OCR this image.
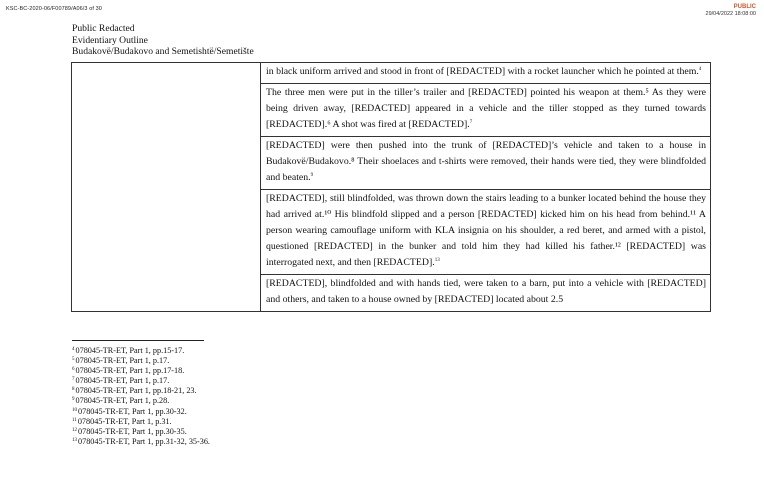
KSC-BC-2020-06/F00789/A06/3 of 30	PUBLIC
29/04/2022 18:08:00
Public Redacted
Evidentiary Outline
Budakovë/Budakovo and Semetishtë/Semetište

in black uniform arrived and stood in front of [REDACTED] with a rocket launcher which he pointed at them.$^4$
The three men were put in the tiller’s trailer and [REDACTED] pointed his weapon at them.⁵ As they were being driven away, [REDACTED] appeared in a vehicle and the tiller stopped as they turned towards [REDACTED].⁶ A shot was fired at [REDACTED].$^7$
[REDACTED] were then pushed into the trunk of [REDACTED]’s vehicle and taken to a house in Budakovë/Budakovo.⁸ Their shoelaces and t-shirts were removed, their hands were tied, they were blindfolded and beaten.$^9$
[REDACTED], still blindfolded, was thrown down the stairs leading to a bunker located behind the house they had arrived at.¹⁰ His blindfold slipped and a person [REDACTED] kicked him on his head from behind.¹¹ A person wearing camouflage uniform with KLA insignia on his shoulder, a red beret, and armed with a pistol, questioned [REDACTED] in the bunker and told him they had killed his father.¹² [REDACTED] was interrogated next, and then [REDACTED].$^{13}$
[REDACTED], blindfolded and with hands tied, were taken to a barn, put into a vehicle with [REDACTED] and others, and taken to a house owned by [REDACTED] located about 2.5
$^4$078045-TR-ET, Part 1, pp.15-17.
$^5$078045-TR-ET, Part 1, p.17.
$^6$078045-TR-ET, Part 1, pp.17-18.
$^7$078045-TR-ET, Part 1, p.17.
$^8$078045-TR-ET, Part 1, pp.18-21, 23.
$^9$078045-TR-ET, Part 1, p.28.
$^{10}$078045-TR-ET, Part 1, pp.30-32.
$^{11}$078045-TR-ET, Part 1, p.31.
$^{12}$078045-TR-ET, Part 1, pp.30-35.
$^{13}$078045-TR-ET, Part 1, pp.31-32, 35-36.
